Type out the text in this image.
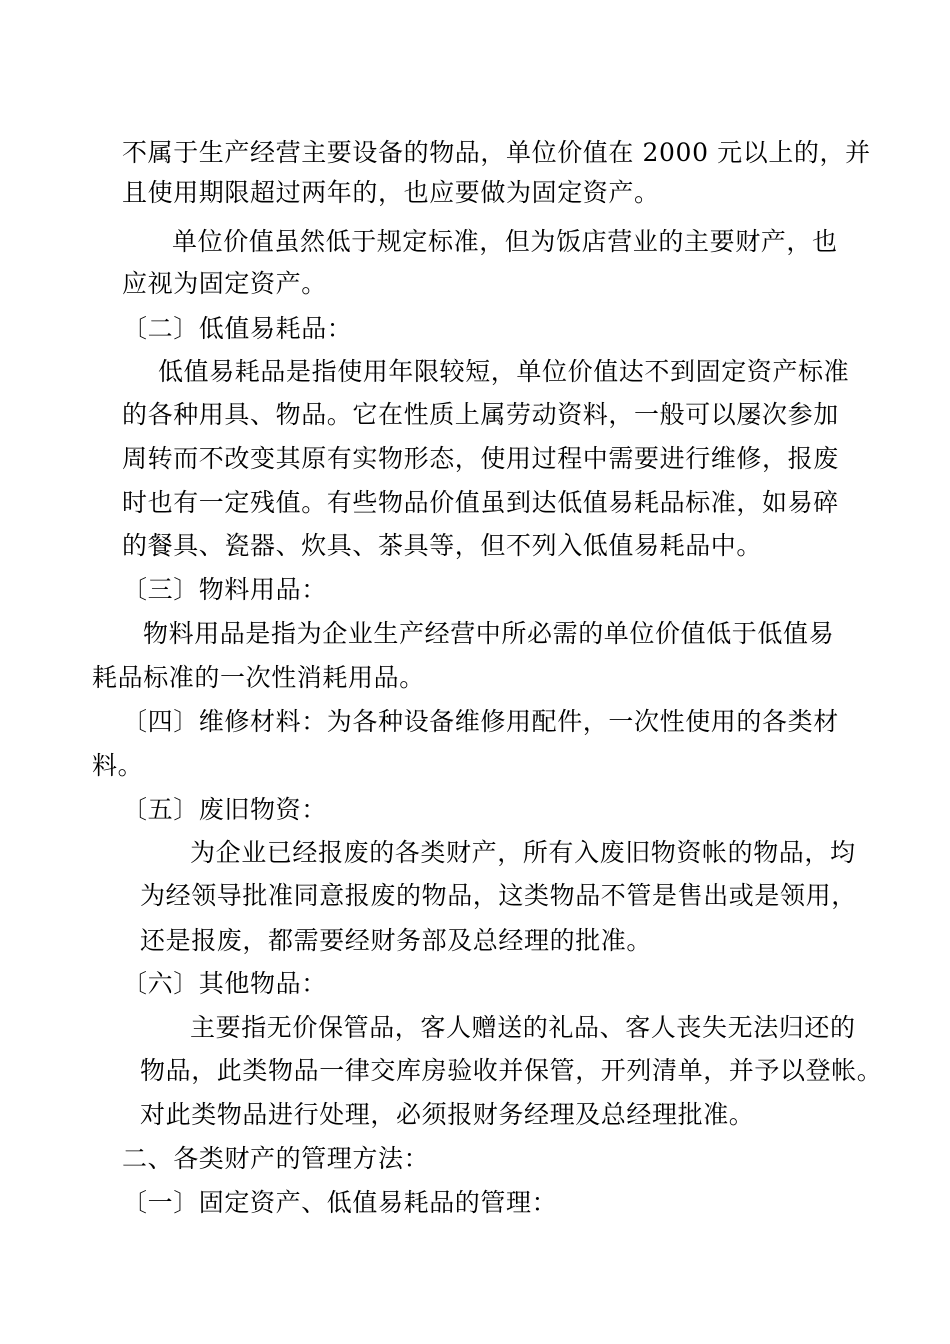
不属于生产经营主要设备的物品，单位价值在 2000 元以上的，并

且使用期限超过两年的，也应要做为固定资产。

单位价值虽然低于规定标准，但为饭店营业的主要财产，也

应视为固定资产。

〔二〕低值易耗品：

低值易耗品是指使用年限较短，单位价值达不到固定资产标准

的各种用具、物品。它在性质上属劳动资料，一般可以屡次参加

周转而不改变其原有实物形态，使用过程中需要进行维修，报废

时也有一定残值。有些物品价值虽到达低值易耗品标准，如易碎

的餐具、瓷器、炊具、茶具等，但不列入低值易耗品中。

〔三〕物料用品：

物料用品是指为企业生产经营中所必需的单位价值低于低值易

耗品标准的一次性消耗用品。

〔四〕维修材料：为各种设备维修用配件，一次性使用的各类材

料。

〔五〕废旧物资：

为企业已经报废的各类财产，所有入废旧物资帐的物品，均

为经领导批准同意报废的物品，这类物品不管是售出或是领用，

还是报废，都需要经财务部及总经理的批准。

〔六〕其他物品：

主要指无价保管品，客人赠送的礼品、客人丧失无法归还的

物品，此类物品一律交库房验收并保管，开列清单，并予以登帐。

对此类物品进行处理，必须报财务经理及总经理批准。

二、各类财产的管理方法：

〔一〕固定资产、低值易耗品的管理：
